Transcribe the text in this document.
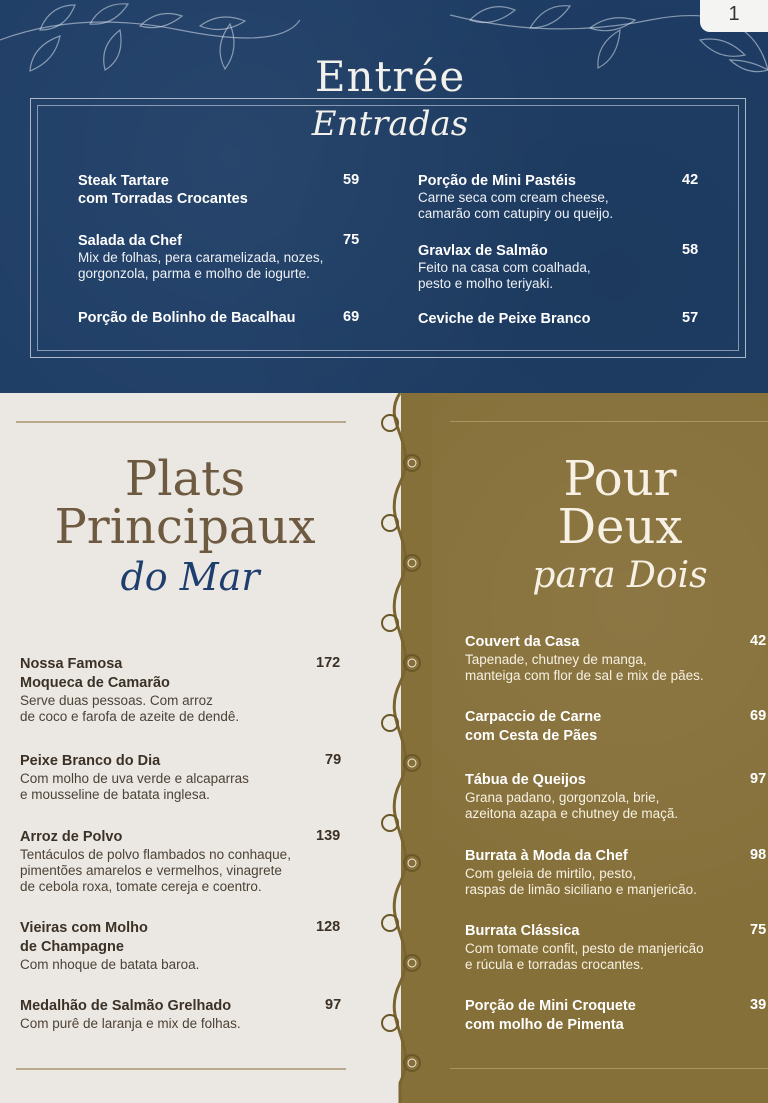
1
Entrée
Entradas
Steak Tartare
com Torradas Crocantes
59
Salada da Chef
Mix de folhas, pera caramelizada, nozes,
gorgonzola, parma e molho de iogurte.
75
Porção de Bolinho de Bacalhau	69
Porção de Mini Pastéis
Carne seca com cream cheese,
camarão com catupiry ou queijo.
42
Gravlax de Salmão
Feito na casa com coalhada,
pesto e molho teriyaki.
58
Ceviche de Peixe Branco	57
Plats
Principaux
do Mar
Nossa Famosa
Moqueca de Camarão
Serve duas pessoas. Com arroz
de coco e farofa de azeite de dendê.
172
Peixe Branco do Dia
Com molho de uva verde e alcaparras
e mousseline de batata inglesa.
79
Arroz de Polvo
Tentáculos de polvo flambados no conhaque,
pimentões amarelos e vermelhos, vinagrete
de cebola roxa, tomate cereja e coentro.
139
Vieiras com Molho
de Champagne
Com nhoque de batata baroa.
128
Medalhão de Salmão Grelhado
Com purê de laranja e mix de folhas.
97
Pour
Deux
para Dois
Couvert da Casa
Tapenade, chutney de manga,
manteiga com flor de sal e mix de pães.
42
Carpaccio de Carne
com Cesta de Pães
69
Tábua de Queijos
Grana padano, gorgonzola, brie,
azeitona azapa e chutney de maçã.
97
Burrata à Moda da Chef
Com geleia de mirtilo, pesto,
raspas de limão siciliano e manjericão.
98
Burrata Clássica
Com tomate confit, pesto de manjericão
e rúcula e torradas crocantes.
75
Porção de Mini Croquete
com molho de Pimenta
39
